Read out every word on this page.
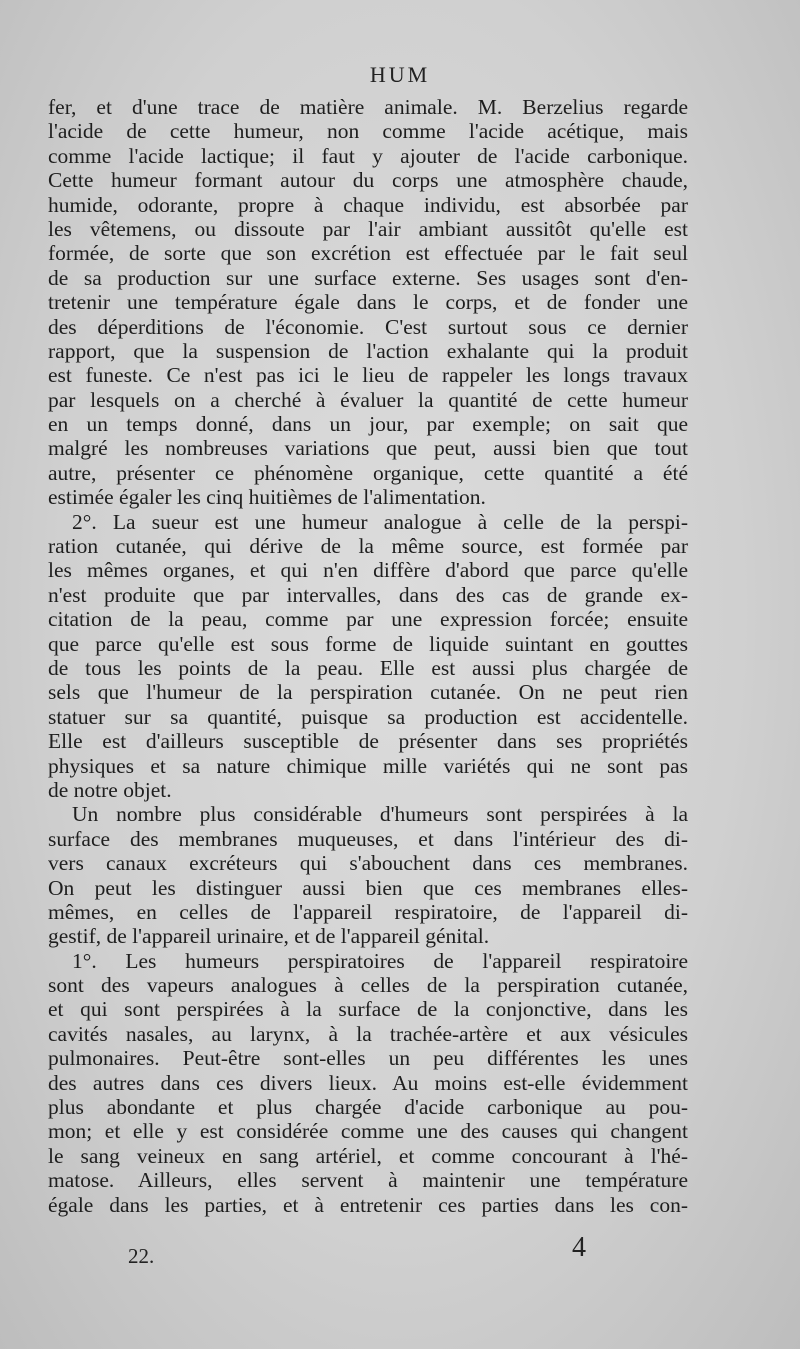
HUM
fer, et d'une trace de matière animale. M. Berzelius regarde
l'acide de cette humeur, non comme l'acide acétique, mais
comme l'acide lactique; il faut y ajouter de l'acide carbonique.
Cette humeur formant autour du corps une atmosphère chaude,
humide, odorante, propre à chaque individu, est absorbée par
les vêtemens, ou dissoute par l'air ambiant aussitôt qu'elle est
formée, de sorte que son excrétion est effectuée par le fait seul
de sa production sur une surface externe. Ses usages sont d'en-
tretenir une température égale dans le corps, et de fonder une
des déperditions de l'économie. C'est surtout sous ce dernier
rapport, que la suspension de l'action exhalante qui la produit
est funeste. Ce n'est pas ici le lieu de rappeler les longs travaux
par lesquels on a cherché à évaluer la quantité de cette humeur
en un temps donné, dans un jour, par exemple; on sait que
malgré les nombreuses variations que peut, aussi bien que tout
autre, présenter ce phénomène organique, cette quantité a été
estimée égaler les cinq huitièmes de l'alimentation.
2°. La sueur est une humeur analogue à celle de la perspi-
ration cutanée, qui dérive de la même source, est formée par
les mêmes organes, et qui n'en diffère d'abord que parce qu'elle
n'est produite que par intervalles, dans des cas de grande ex-
citation de la peau, comme par une expression forcée; ensuite
que parce qu'elle est sous forme de liquide suintant en gouttes
de tous les points de la peau. Elle est aussi plus chargée de
sels que l'humeur de la perspiration cutanée. On ne peut rien
statuer sur sa quantité, puisque sa production est accidentelle.
Elle est d'ailleurs susceptible de présenter dans ses propriétés
physiques et sa nature chimique mille variétés qui ne sont pas
de notre objet.
Un nombre plus considérable d'humeurs sont perspirées à la
surface des membranes muqueuses, et dans l'intérieur des di-
vers canaux excréteurs qui s'abouchent dans ces membranes.
On peut les distinguer aussi bien que ces membranes elles-
mêmes, en celles de l'appareil respiratoire, de l'appareil di-
gestif, de l'appareil urinaire, et de l'appareil génital.
1°. Les humeurs perspiratoires de l'appareil respiratoire
sont des vapeurs analogues à celles de la perspiration cutanée,
et qui sont perspirées à la surface de la conjonctive, dans les
cavités nasales, au larynx, à la trachée-artère et aux vésicules
pulmonaires. Peut-être sont-elles un peu différentes les unes
des autres dans ces divers lieux. Au moins est-elle évidemment
plus abondante et plus chargée d'acide carbonique au pou-
mon; et elle y est considérée comme une des causes qui changent
le sang veineux en sang artériel, et comme concourant à l'hé-
matose. Ailleurs, elles servent à maintenir une température
égale dans les parties, et à entretenir ces parties dans les con-
22.	4
